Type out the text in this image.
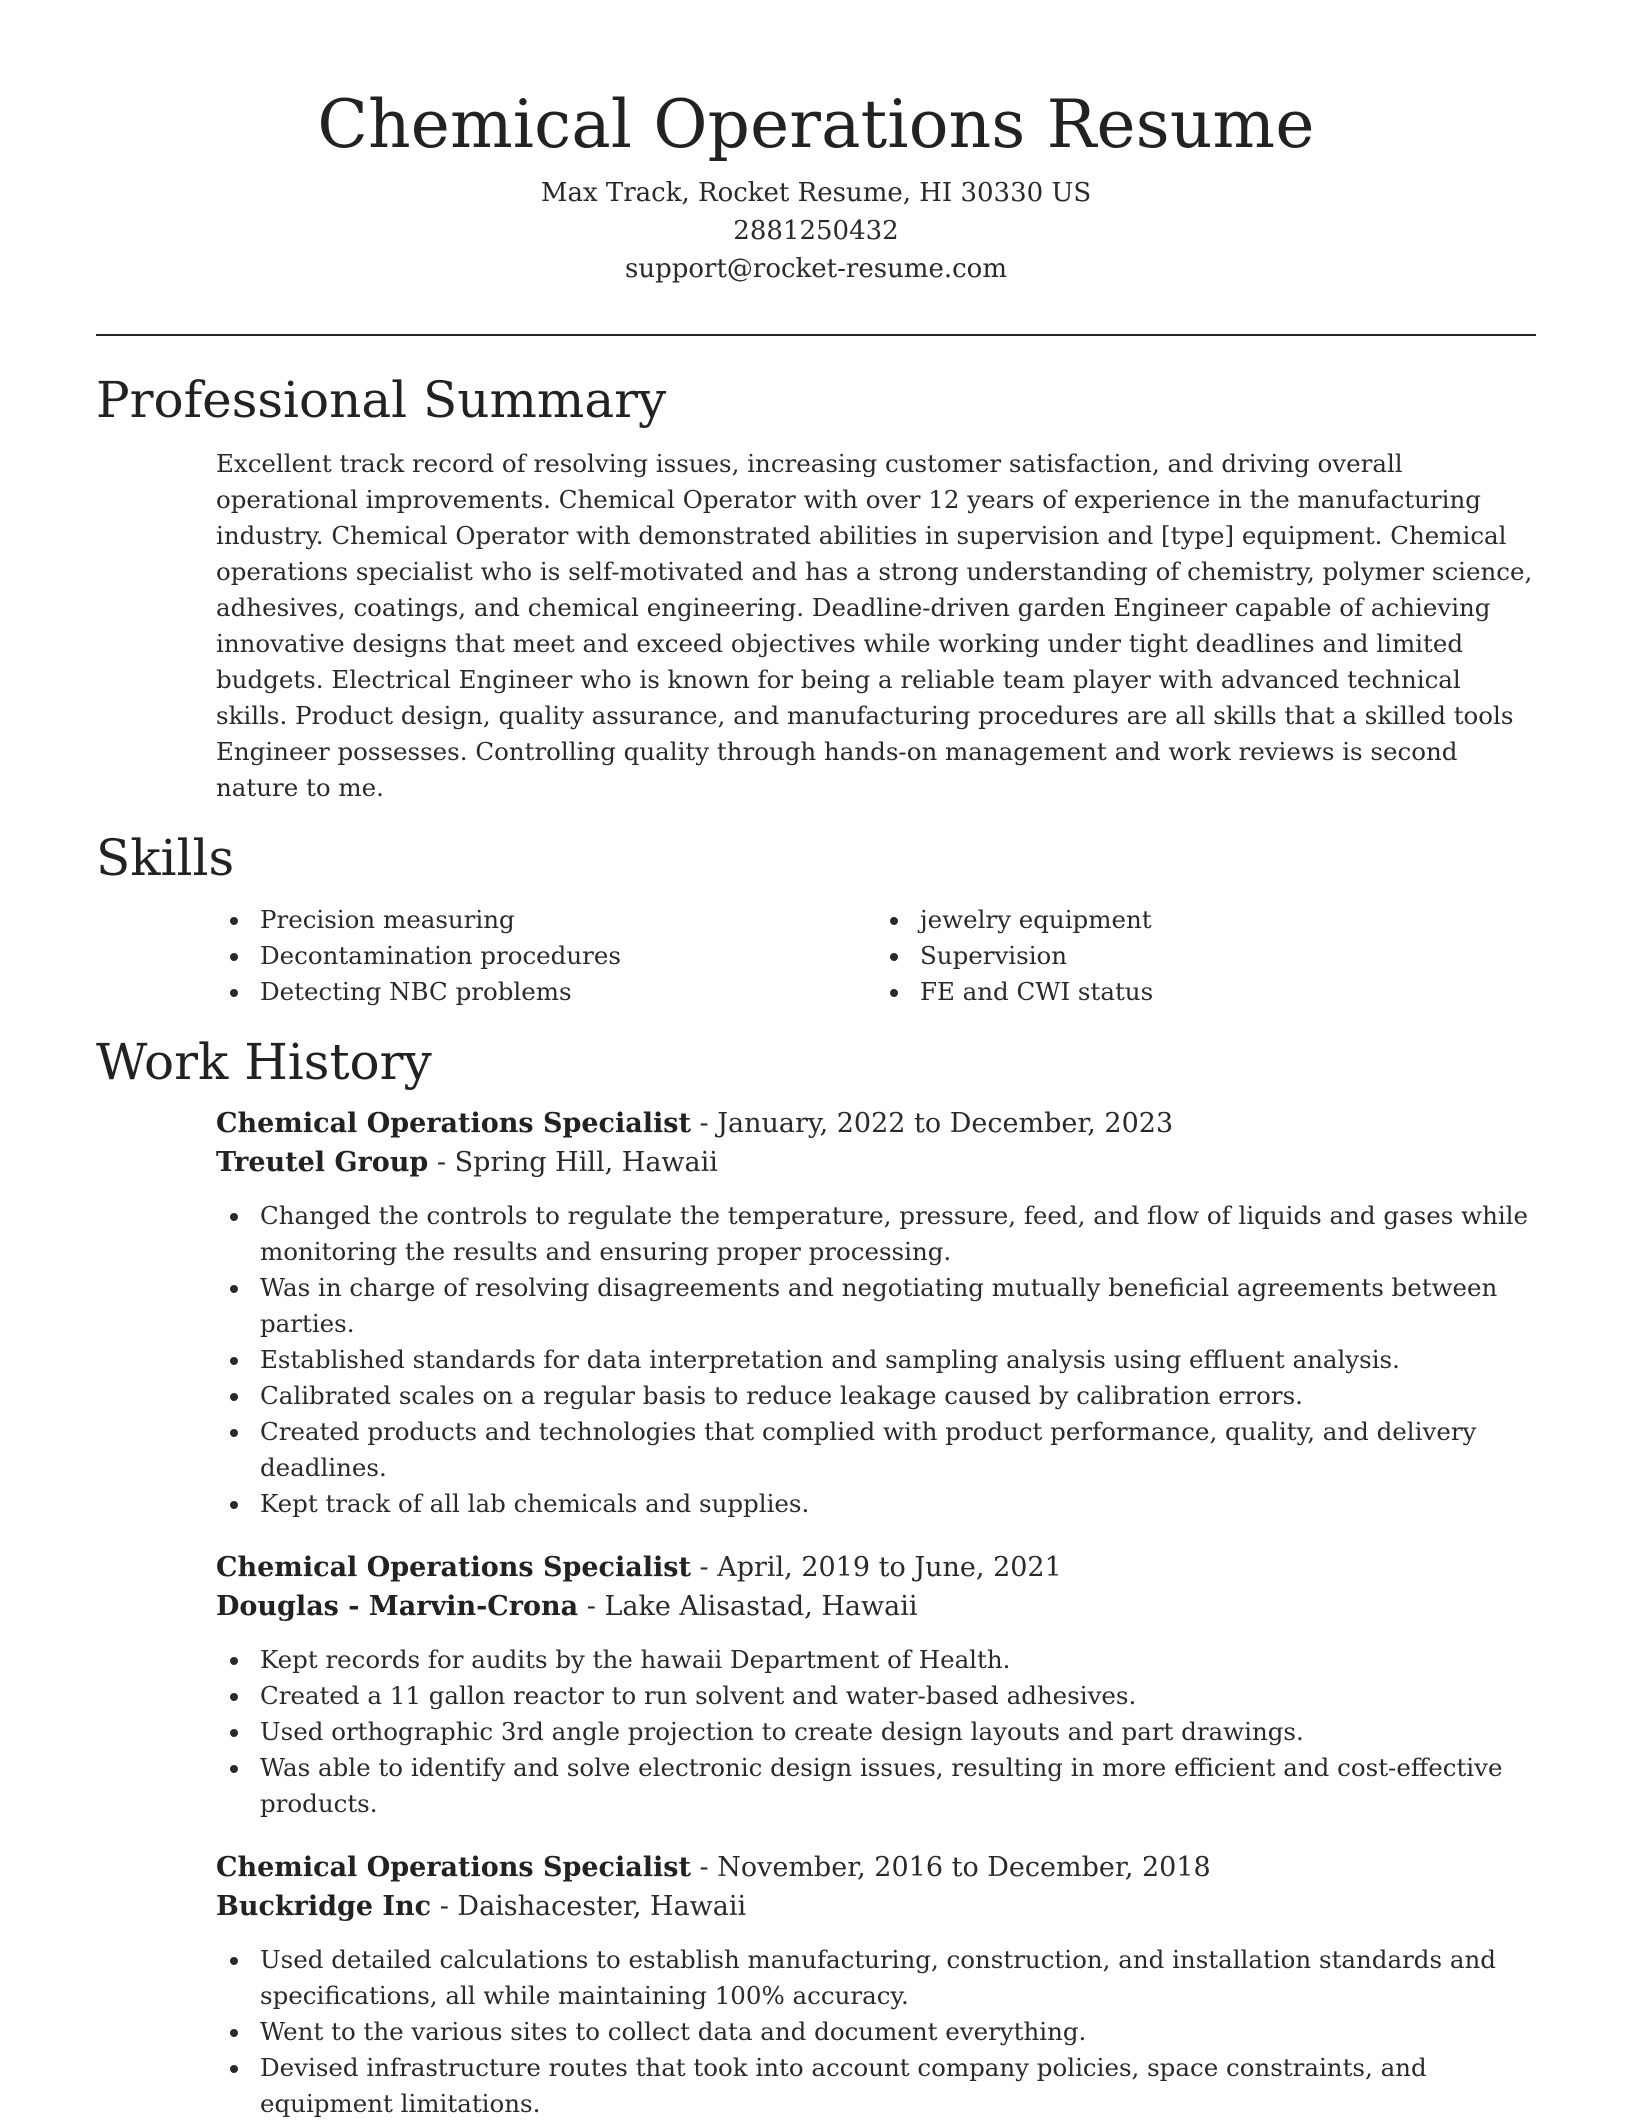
Chemical Operations Resume
Max Track, Rocket Resume, HI 30330 US
2881250432
support@rocket-resume.com
Professional Summary

Excellent track record of resolving issues, increasing customer satisfaction, and driving overall operational improvements. Chemical Operator with over 12 years of experience in the manufacturing industry. Chemical Operator with demonstrated abilities in supervision and [type] equipment. Chemical operations specialist who is self-motivated and has a strong understanding of chemistry, polymer science, adhesives, coatings, and chemical engineering. Deadline-driven garden Engineer capable of achieving innovative designs that meet and exceed objectives while working under tight deadlines and limited budgets. Electrical Engineer who is known for being a reliable team player with advanced technical skills. Product design, quality assurance, and manufacturing procedures are all skills that a skilled tools Engineer possesses. Controlling quality through hands-on management and work reviews is second nature to me.

Skills
Precision measuring
Decontamination procedures
Detecting NBC problems
jewelry equipment
Supervision
FE and CWI status
Work History
Chemical Operations Specialist - January, 2022 to December, 2023
Treutel Group - Spring Hill, Hawaii
Changed the controls to regulate the temperature, pressure, feed, and flow of liquids and gases while monitoring the results and ensuring proper processing.
Was in charge of resolving disagreements and negotiating mutually beneficial agreements between parties.
Established standards for data interpretation and sampling analysis using effluent analysis.
Calibrated scales on a regular basis to reduce leakage caused by calibration errors.
Created products and technologies that complied with product performance, quality, and delivery deadlines.
Kept track of all lab chemicals and supplies.
Chemical Operations Specialist - April, 2019 to June, 2021
Douglas - Marvin-Crona - Lake Alisastad, Hawaii
Kept records for audits by the hawaii Department of Health.
Created a 11 gallon reactor to run solvent and water-based adhesives.
Used orthographic 3rd angle projection to create design layouts and part drawings.
Was able to identify and solve electronic design issues, resulting in more efficient and cost-effective products.
Chemical Operations Specialist - November, 2016 to December, 2018
Buckridge Inc - Daishacester, Hawaii
Used detailed calculations to establish manufacturing, construction, and installation standards and specifications, all while maintaining 100% accuracy.
Went to the various sites to collect data and document everything.
Devised infrastructure routes that took into account company policies, space constraints, and equipment limitations.
